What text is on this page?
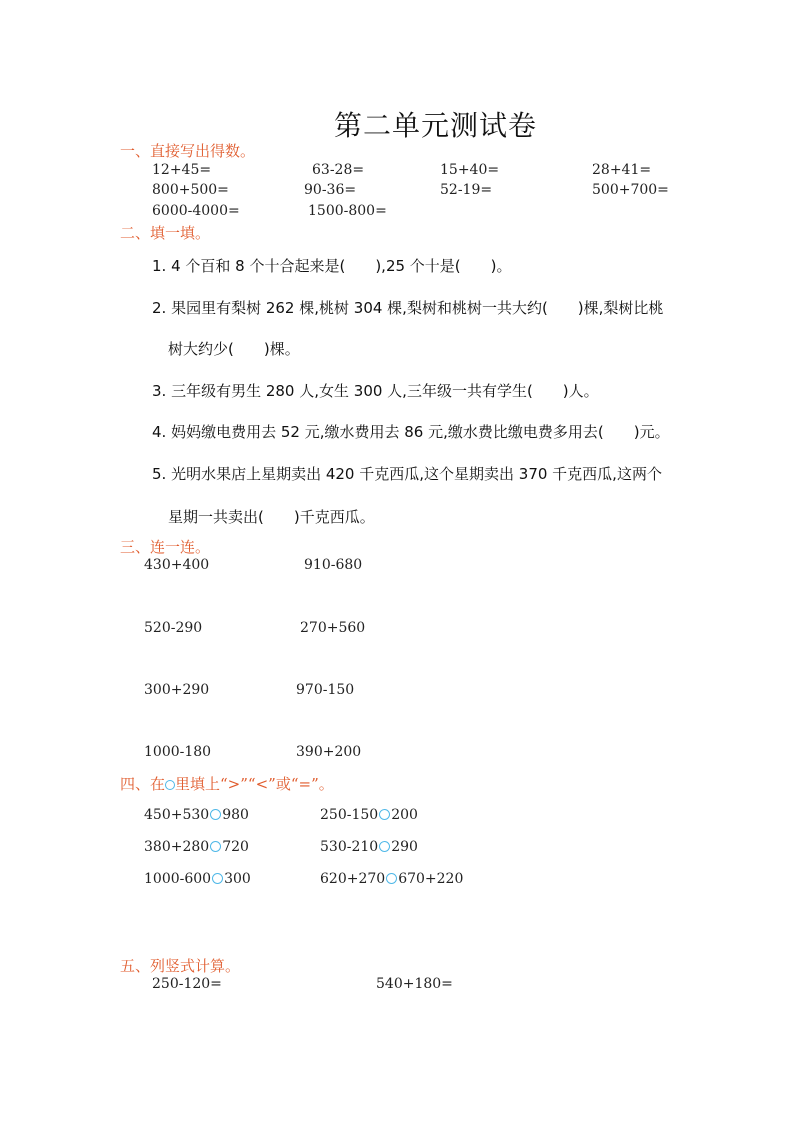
第二单元测试卷
一、直接写出得数。
12+45=	63-28=	15+40=	28+41=
800+500=	90-36=	52-19=	500+700=
6000-4000=	1500-800=
二、填一填。
1. 4 个百和 8 个十合起来是(　　),25 个十是(　　)。
2. 果园里有梨树 262 棵,桃树 304 棵,梨树和桃树一共大约(　　)棵,梨树比桃
树大约少(　　)棵。
3. 三年级有男生 280 人,女生 300 人,三年级一共有学生(　　)人。
4. 妈妈缴电费用去 52 元,缴水费用去 86 元,缴水费比缴电费多用去(　　)元。
5. 光明水果店上星期卖出 420 千克西瓜,这个星期卖出 370 千克西瓜,这两个
星期一共卖出(　　)千克西瓜。
三、连一连。
430+400
520-290
300+290
1000-180
910-680
270+560
970-150
390+200
四、在 里填上“>”“<”或“=”。
450+530 980	250-150 200
380+280 720	530-210 290
1000-600 300	620+270 670+220
五、列竖式计算。
250-120=	540+180=
